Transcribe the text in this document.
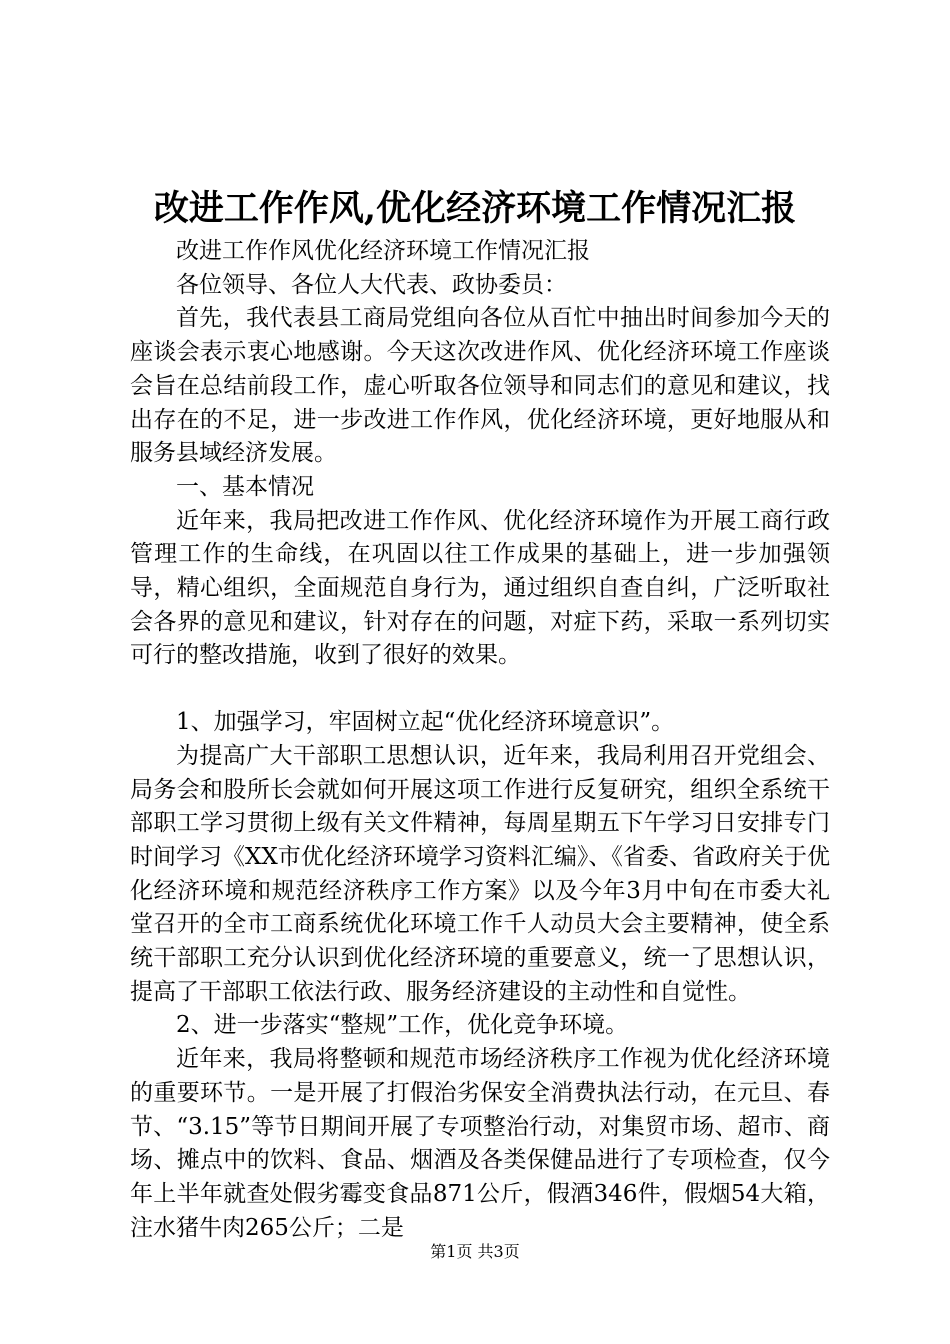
改进工作作风,优化经济环境工作情况汇报

改进工作作风优化经济环境工作情况汇报

各位领导、各位人大代表、政协委员：

首先，我代表县工商局党组向各位从百忙中抽出时间参加今天的座谈会表示衷心地感谢。今天这次改进作风、优化经济环境工作座谈会旨在总结前段工作，虚心听取各位领导和同志们的意见和建议，找出存在的不足，进一步改进工作作风，优化经济环境，更好地服从和服务县域经济发展。

一、基本情况

近年来，我局把改进工作作风、优化经济环境作为开展工商行政管理工作的生命线，在巩固以往工作成果的基础上，进一步加强领导，精心组织，全面规范自身行为，通过组织自查自纠，广泛听取社会各界的意见和建议，针对存在的问题，对症下药，采取一系列切实可行的整改措施，收到了很好的效果。

1、加强学习，牢固树立起“优化经济环境意识”。

为提高广大干部职工思想认识，近年来，我局利用召开党组会、局务会和股所长会就如何开展这项工作进行反复研究，组织全系统干部职工学习贯彻上级有关文件精神，每周星期五下午学习日安排专门时间学习《XX市优化经济环境学习资料汇编》、《省委、省政府关于优化经济环境和规范经济秩序工作方案》以及今年3月中旬在市委大礼堂召开的全市工商系统优化环境工作千人动员大会主要精神，使全系统干部职工充分认识到优化经济环境的重要意义，统一了思想认识，提高了干部职工依法行政、服务经济建设的主动性和自觉性。

2、进一步落实“整规”工作，优化竞争环境。

近年来，我局将整顿和规范市场经济秩序工作视为优化经济环境的重要环节。一是开展了打假治劣保安全消费执法行动，在元旦、春节、“3.15”等节日期间开展了专项整治行动，对集贸市场、超市、商场、摊点中的饮料、食品、烟酒及各类保健品进行了专项检查，仅今年上半年就查处假劣霉变食品871公斤，假酒346件，假烟54大箱，注水猪牛肉265公斤；二是

第1页 共3页
